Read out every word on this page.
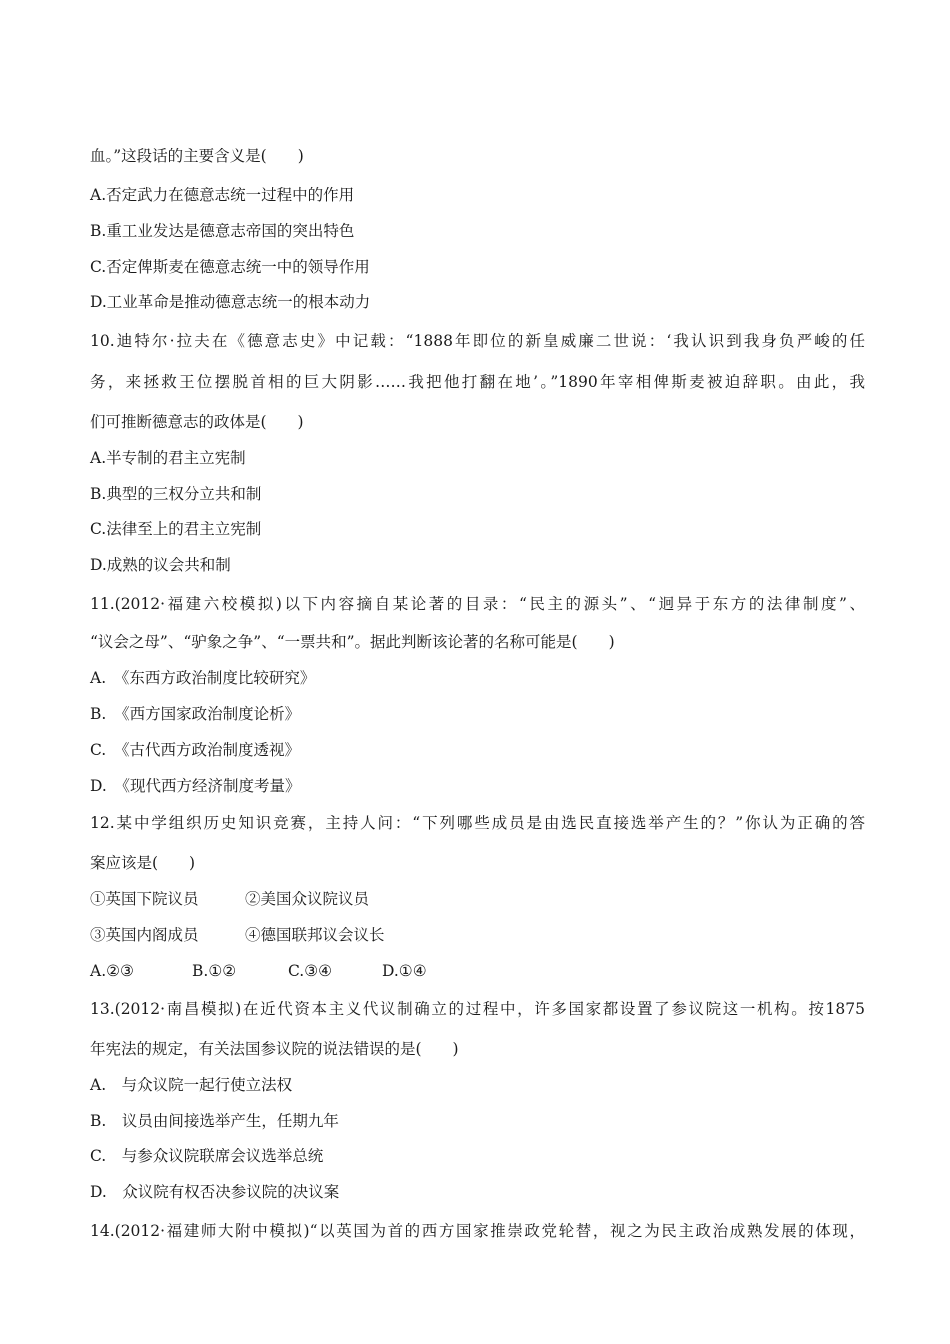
血。”这段话的主要含义是(　　)
A.否定武力在德意志统一过程中的作用
B.重工业发达是德意志帝国的突出特色
C.否定俾斯麦在德意志统一中的领导作用
D.工业革命是推动德意志统一的根本动力
10.迪特尔·拉夫在《德意志史》中记载：“1888年即位的新皇威廉二世说：‘我认识到我身负严峻的任
务，来拯救王位摆脱首相的巨大阴影……我把他打翻在地’。”1890年宰相俾斯麦被迫辞职。由此，我
们可推断德意志的政体是(　　)
A.半专制的君主立宪制
B.典型的三权分立共和制
C.法律至上的君主立宪制
D.成熟的议会共和制
11.(2012·福建六校模拟)以下内容摘自某论著的目录：“民主的源头”、“迥异于东方的法律制度”、
“议会之母”、“驴象之争”、“一票共和”。据此判断该论著的名称可能是(　　)
A.　《东西方政治制度比较研究》
B.　《西方国家政治制度论析》
C.　《古代西方政治制度透视》
D.　《现代西方经济制度考量》
12.某中学组织历史知识竞赛，主持人问：“下列哪些成员是由选民直接选举产生的？”你认为正确的答
案应该是(　　)
①英国下院议员　　　②美国众议院议员
③英国内阁成员　　　④德国联邦议会议长
A.②③	B.①②	C.③④	D.①④
13.(2012·南昌模拟)在近代资本主义代议制确立的过程中，许多国家都设置了参议院这一机构。按1875
年宪法的规定，有关法国参议院的说法错误的是(　　)
A.　与众议院一起行使立法权
B.　议员由间接选举产生，任期九年
C.　与参众议院联席会议选举总统
D.　众议院有权否决参议院的决议案
14.(2012·福建师大附中模拟)“以英国为首的西方国家推崇政党轮替，视之为民主政治成熟发展的体现，
